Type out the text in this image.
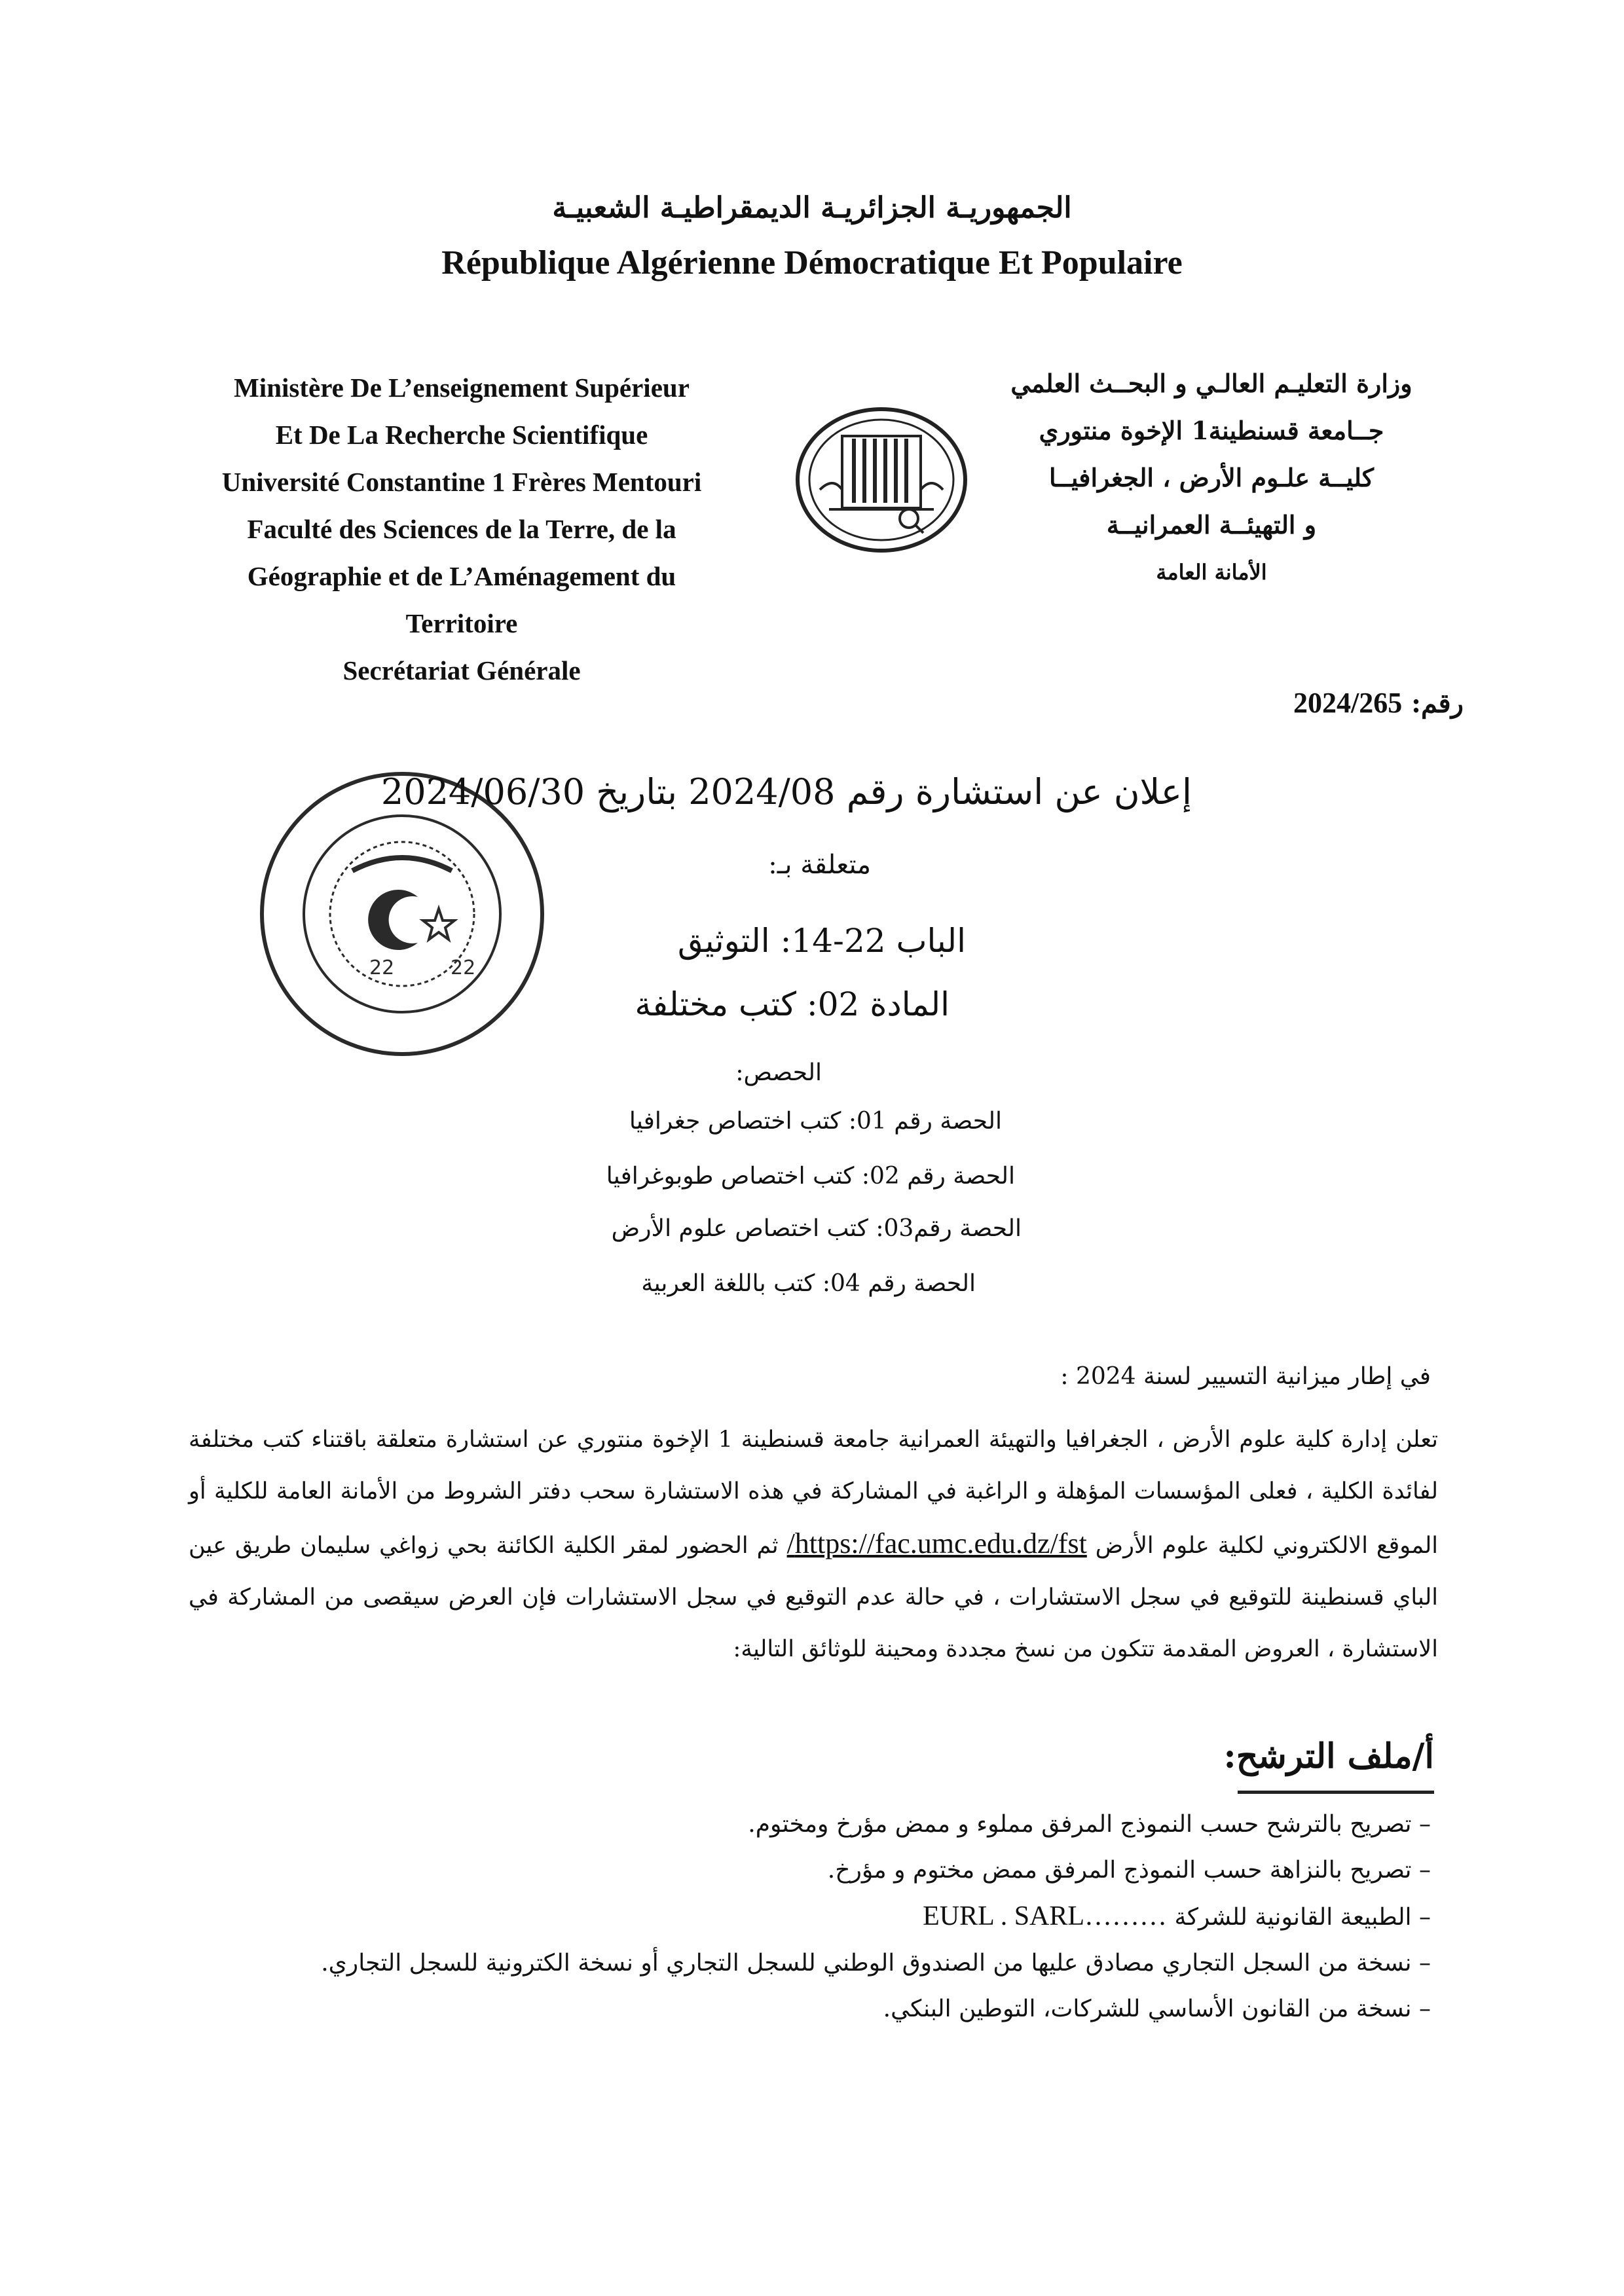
الجمهوريـة الجزائريـة الديمقراطيـة الشعبيـة
République Algérienne Démocratique Et Populaire
Ministère De L’enseignement Supérieur
Et De La Recherche Scientifique
Université Constantine 1 Frères Mentouri
Faculté des Sciences de la Terre, de la
Géographie et de L’Aménagement du
Territoire
Secrétariat Générale
وزارة التعليـم العالـي و البحــث العلمي
جــامعة قسنطينة1 الإخوة منتوري
كليــة علـوم الأرض ، الجغرافيــا
و التهيئــة العمرانيــة
الأمانة العامة
رقم: 2024/265
22	22
إعلان عن استشارة رقم 2024/08 بتاريخ 2024/06/30
متعلقة بـ:
الباب 22-14: التوثيق
المادة 02: كتب مختلفة
الحصص:
الحصة رقم 01: كتب اختصاص جغرافيا
الحصة رقم 02: كتب اختصاص طوبوغرافيا
الحصة رقم03: كتب اختصاص علوم الأرض
الحصة رقم 04: كتب باللغة العربية
في إطار ميزانية التسيير لسنة 2024 :
تعلن إدارة كلية علوم الأرض ، الجغرافيا والتهيئة العمرانية جامعة قسنطينة 1 الإخوة منتوري عن استشارة متعلقة باقتناء كتب مختلفة لفائدة الكلية ، فعلى المؤسسات المؤهلة و الراغبة في المشاركة في هذه الاستشارة سحب دفتر الشروط من الأمانة العامة للكلية أو الموقع الالكتروني لكلية علوم الأرض https://fac.umc.edu.dz/fst/ ثم الحضور لمقر الكلية الكائنة بحي زواغي سليمان طريق عين الباي قسنطينة للتوقيع في سجل الاستشارات ، في حالة عدم التوقيع في سجل الاستشارات فإن العرض سيقصى من المشاركة في الاستشارة ، العروض المقدمة تتكون من نسخ مجددة ومحينة للوثائق التالية:
أ/ملف الترشح:
– تصريح بالترشح حسب النموذج المرفق مملوء و ممض مؤرخ ومختوم.
– تصريح بالنزاهة حسب النموذج المرفق ممض مختوم و مؤرخ.
– الطبيعة القانونية للشركة EURL . SARL………
– نسخة من السجل التجاري مصادق عليها من الصندوق الوطني للسجل التجاري أو نسخة الكترونية للسجل التجاري.
– نسخة من القانون الأساسي للشركات، التوطين البنكي.
